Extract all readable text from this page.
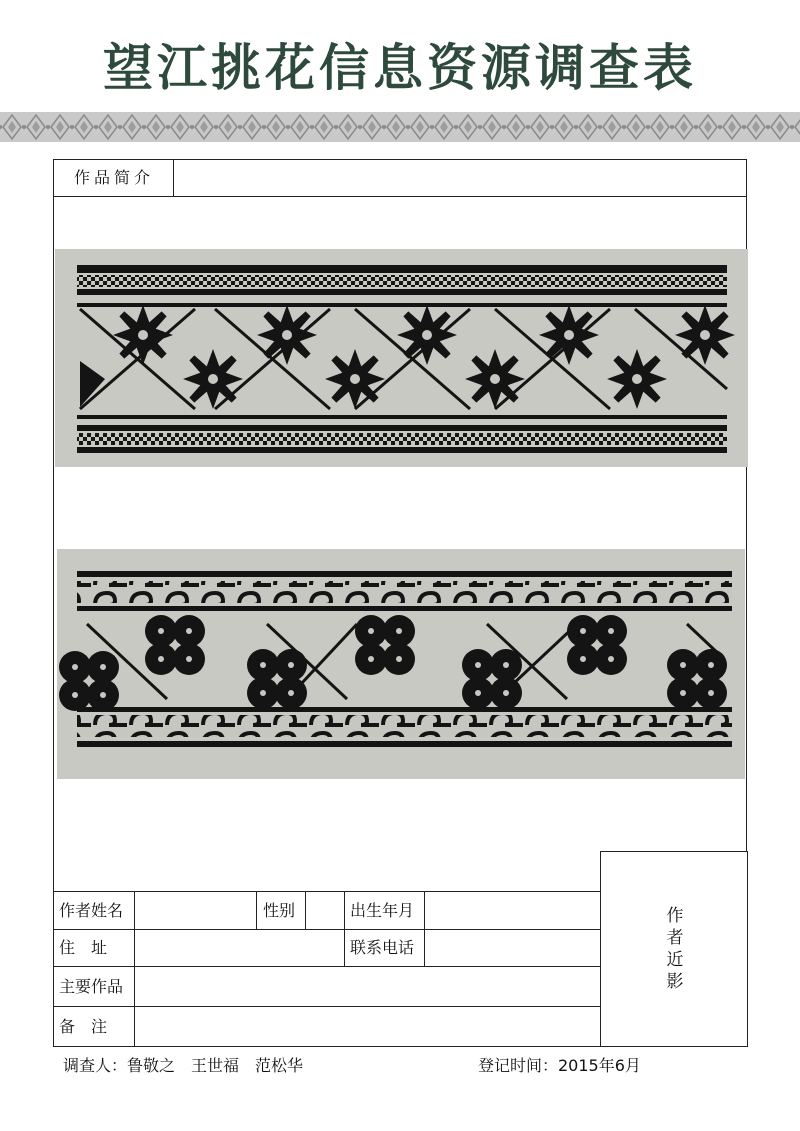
望江挑花信息资源调查表
作品简介
作者近影
作者姓名	性别	出生年月
住　址	联系电话
主要作品
备　注
调查人：鲁敬之　王世福　范松华	登记时间：2015年6月
